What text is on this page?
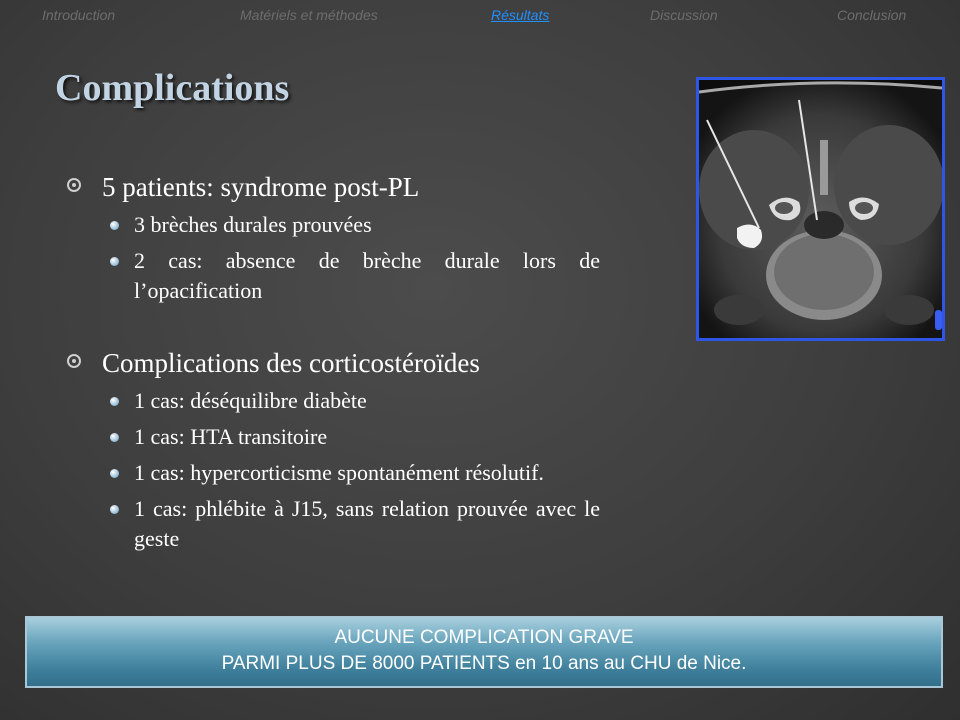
Introduction	Matériels et méthodes	Résultats	Discussion	Conclusion
Complications
5 patients: syndrome post-PL
3 brèches durales prouvées
2 cas: absence de brèche durale lors de l’opacification
Complications des corticostéroïdes
1 cas: déséquilibre diabète
1 cas: HTA transitoire
1 cas: hypercorticisme spontanément résolutif.
1 cas: phlébite à J15, sans relation prouvée avec le geste
AUCUNE COMPLICATION GRAVE
PARMI PLUS DE 8000 PATIENTS en 10 ans au CHU de Nice.
